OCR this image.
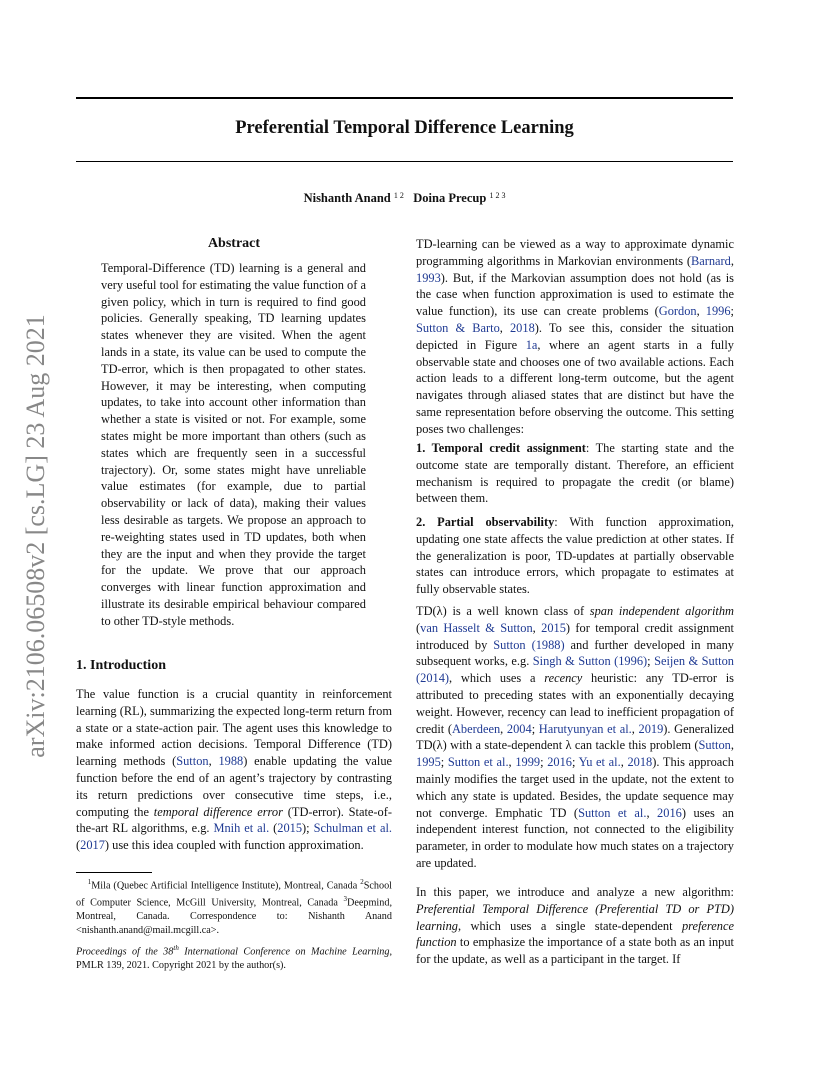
arXiv:2106.06508v2 [cs.LG] 23 Aug 2021
Preferential Temporal Difference Learning
Nishanth Anand $^{1 2}$ Doina Precup $^{1 2 3}$
Abstract
Temporal-Difference (TD) learning is a general and very useful tool for estimating the value function of a given policy, which in turn is required to find good policies. Generally speaking, TD learning updates states whenever they are visited. When the agent lands in a state, its value can be used to compute the TD-error, which is then propagated to other states. However, it may be interesting, when computing updates, to take into account other information than whether a state is visited or not. For example, some states might be more important than others (such as states which are frequently seen in a successful trajectory). Or, some states might have unreliable value estimates (for example, due to partial observability or lack of data), making their values less desirable as targets. We propose an approach to re-weighting states used in TD updates, both when they are the input and when they provide the target for the update. We prove that our approach converges with linear function approximation and illustrate its desirable empirical behaviour compared to other TD-style methods.
1. Introduction
The value function is a crucial quantity in reinforcement learning (RL), summarizing the expected long-term return from a state or a state-action pair. The agent uses this knowledge to make informed action decisions. Temporal Difference (TD) learning methods (Sutton, 1988) enable updating the value function before the end of an agent’s trajectory by contrasting its return predictions over consecutive time steps, i.e., computing the temporal difference error (TD-error). State-of-the-art RL algorithms, e.g. Mnih et al. (2015); Schulman et al. (2017) use this idea coupled with function approximation.
$^1$Mila (Quebec Artificial Intelligence Institute), Montreal, Canada $^2$School of Computer Science, McGill University, Montreal, Canada $^3$Deepmind, Montreal, Canada. Correspondence to: Nishanth Anand <nishanth.anand@mail.mcgill.ca>.
Proceedings of the 38th International Conference on Machine Learning, PMLR 139, 2021. Copyright 2021 by the author(s).
TD-learning can be viewed as a way to approximate dynamic programming algorithms in Markovian environments (Barnard, 1993). But, if the Markovian assumption does not hold (as is the case when function approximation is used to estimate the value function), its use can create problems (Gordon, 1996; Sutton & Barto, 2018). To see this, consider the situation depicted in Figure 1a, where an agent starts in a fully observable state and chooses one of two available actions. Each action leads to a different long-term outcome, but the agent navigates through aliased states that are distinct but have the same representation before observing the outcome. This setting poses two challenges:
1. Temporal credit assignment: The starting state and the outcome state are temporally distant. Therefore, an efficient mechanism is required to propagate the credit (or blame) between them.
2. Partial observability: With function approximation, updating one state affects the value prediction at other states. If the generalization is poor, TD-updates at partially observable states can introduce errors, which propagate to estimates at fully observable states.
TD(λ) is a well known class of span independent algorithm (van Hasselt & Sutton, 2015) for temporal credit assignment introduced by Sutton (1988) and further developed in many subsequent works, e.g. Singh & Sutton (1996); Seijen & Sutton (2014), which uses a recency heuristic: any TD-error is attributed to preceding states with an exponentially decaying weight. However, recency can lead to inefficient propagation of credit (Aberdeen, 2004; Harutyunyan et al., 2019). Generalized TD(λ) with a state-dependent λ can tackle this problem (Sutton, 1995; Sutton et al., 1999; 2016; Yu et al., 2018). This approach mainly modifies the target used in the update, not the extent to which any state is updated. Besides, the update sequence may not converge. Emphatic TD (Sutton et al., 2016) uses an independent interest function, not connected to the eligibility parameter, in order to modulate how much states on a trajectory are updated.
In this paper, we introduce and analyze a new algorithm: Preferential Temporal Difference (Preferential TD or PTD) learning, which uses a single state-dependent preference function to emphasize the importance of a state both as an input for the update, as well as a participant in the target. If
